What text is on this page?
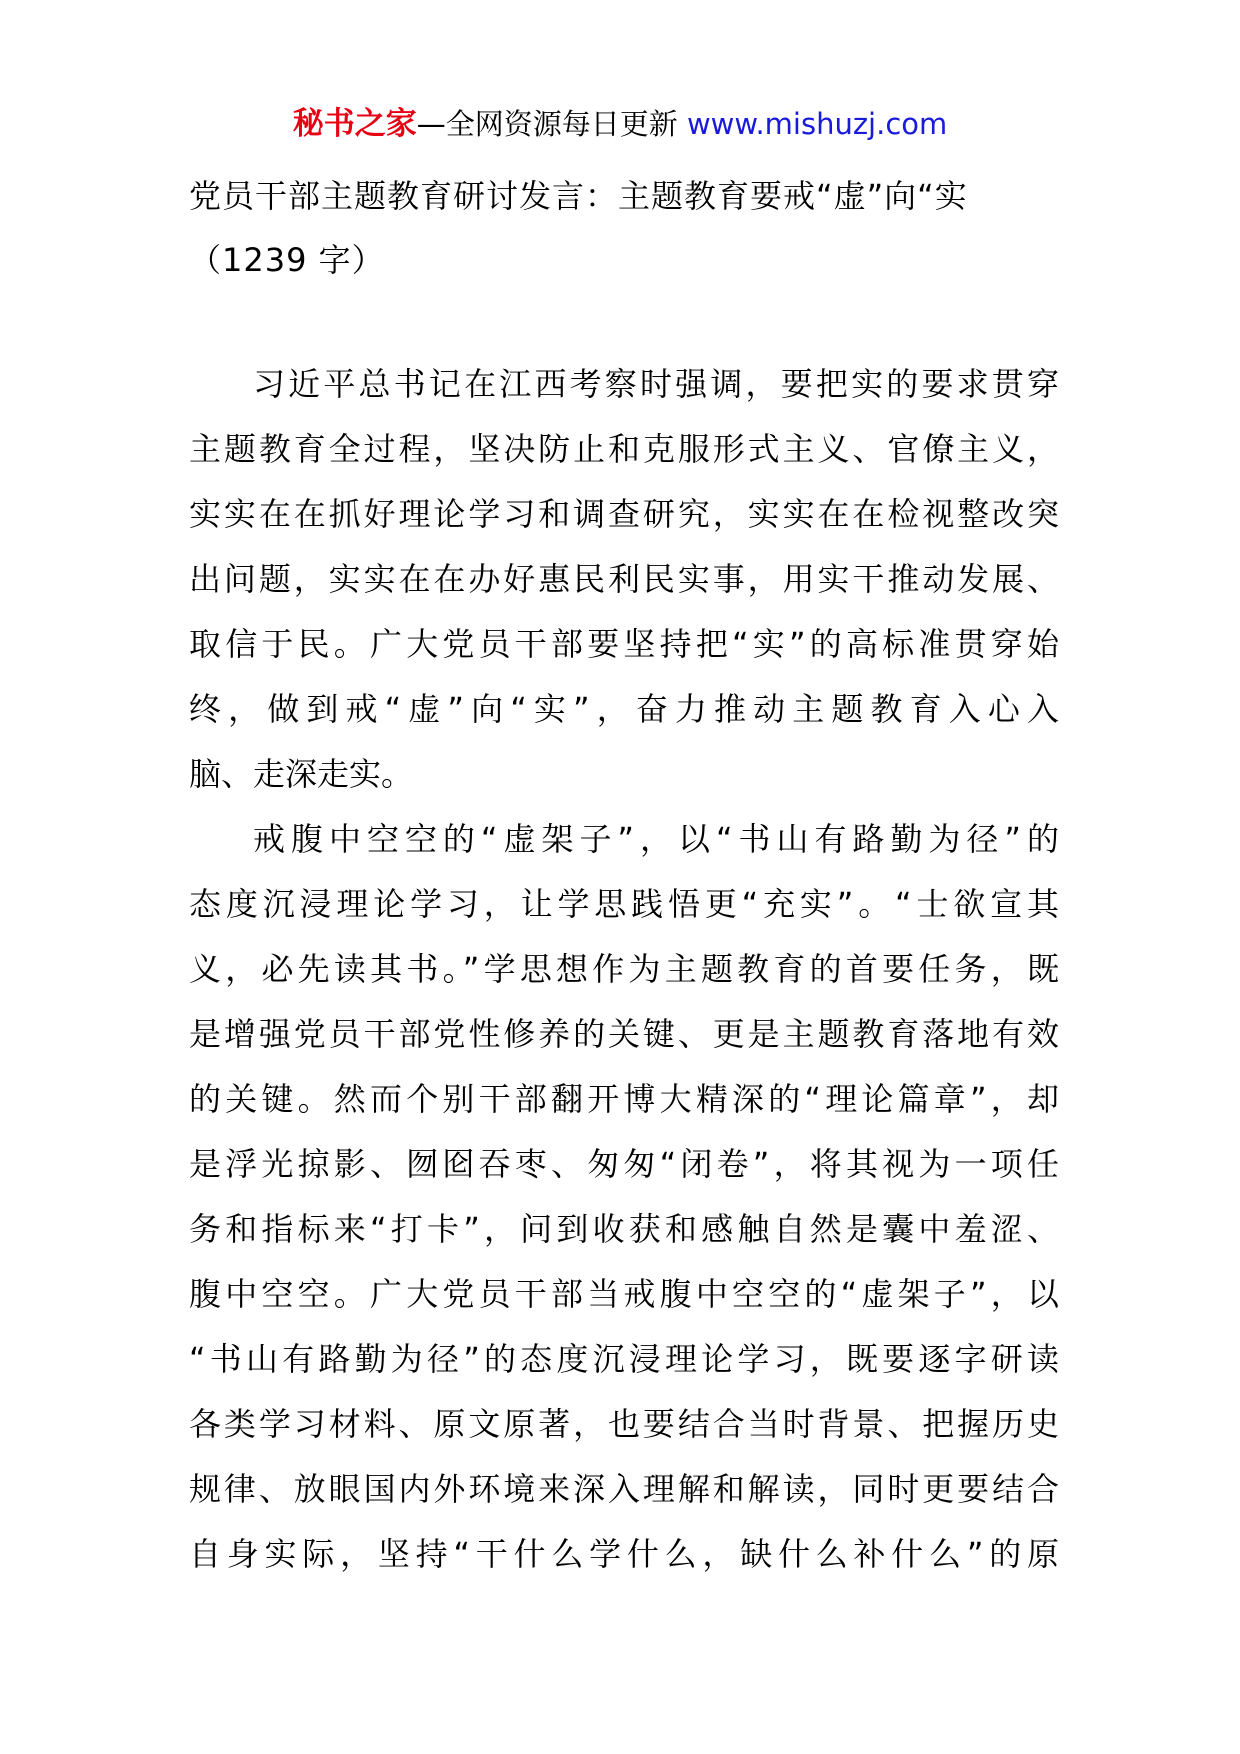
秘书之家—全网资源每日更新 www.mishuzj.com
党员干部主题教育研讨发言：主题教育要戒“虚”向“实
（1239 字）
习近平总书记在江西考察时强调，要把实的要求贯穿
主题教育全过程，坚决防止和克服形式主义、官僚主义，
实实在在抓好理论学习和调查研究，实实在在检视整改突
出问题，实实在在办好惠民利民实事，用实干推动发展、
取信于民。广大党员干部要坚持把“实”的高标准贯穿始
终，做到戒“虚”向“实”，奋力推动主题教育入心入
脑、走深走实。
戒腹中空空的“虚架子”，以“书山有路勤为径”的
态度沉浸理论学习，让学思践悟更“充实”。“士欲宣其
义，必先读其书。”学思想作为主题教育的首要任务，既
是增强党员干部党性修养的关键、更是主题教育落地有效
的关键。然而个别干部翻开博大精深的“理论篇章”，却
是浮光掠影、囫囵吞枣、匆匆“闭卷”，将其视为一项任
务和指标来“打卡”，问到收获和感触自然是囊中羞涩、
腹中空空。广大党员干部当戒腹中空空的“虚架子”，以
“书山有路勤为径”的态度沉浸理论学习，既要逐字研读
各类学习材料、原文原著，也要结合当时背景、把握历史
规律、放眼国内外环境来深入理解和解读，同时更要结合
自身实际，坚持“干什么学什么，缺什么补什么”的原
